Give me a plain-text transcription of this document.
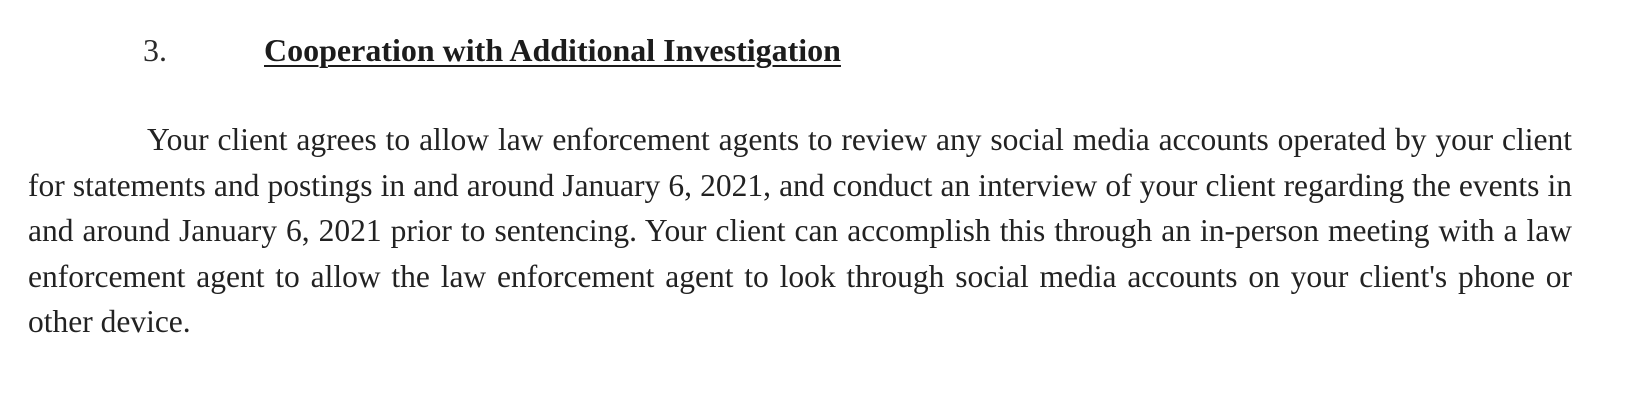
3.	Cooperation with Additional Investigation

Your client agrees to allow law enforcement agents to review any social media accounts operated by your client for statements and postings in and around January 6, 2021, and conduct an interview of your client regarding the events in and around January 6, 2021 prior to sentencing. Your client can accomplish this through an in-person meeting with a law enforcement agent to allow the law enforcement agent to look through social media accounts on your client's phone or other device.
